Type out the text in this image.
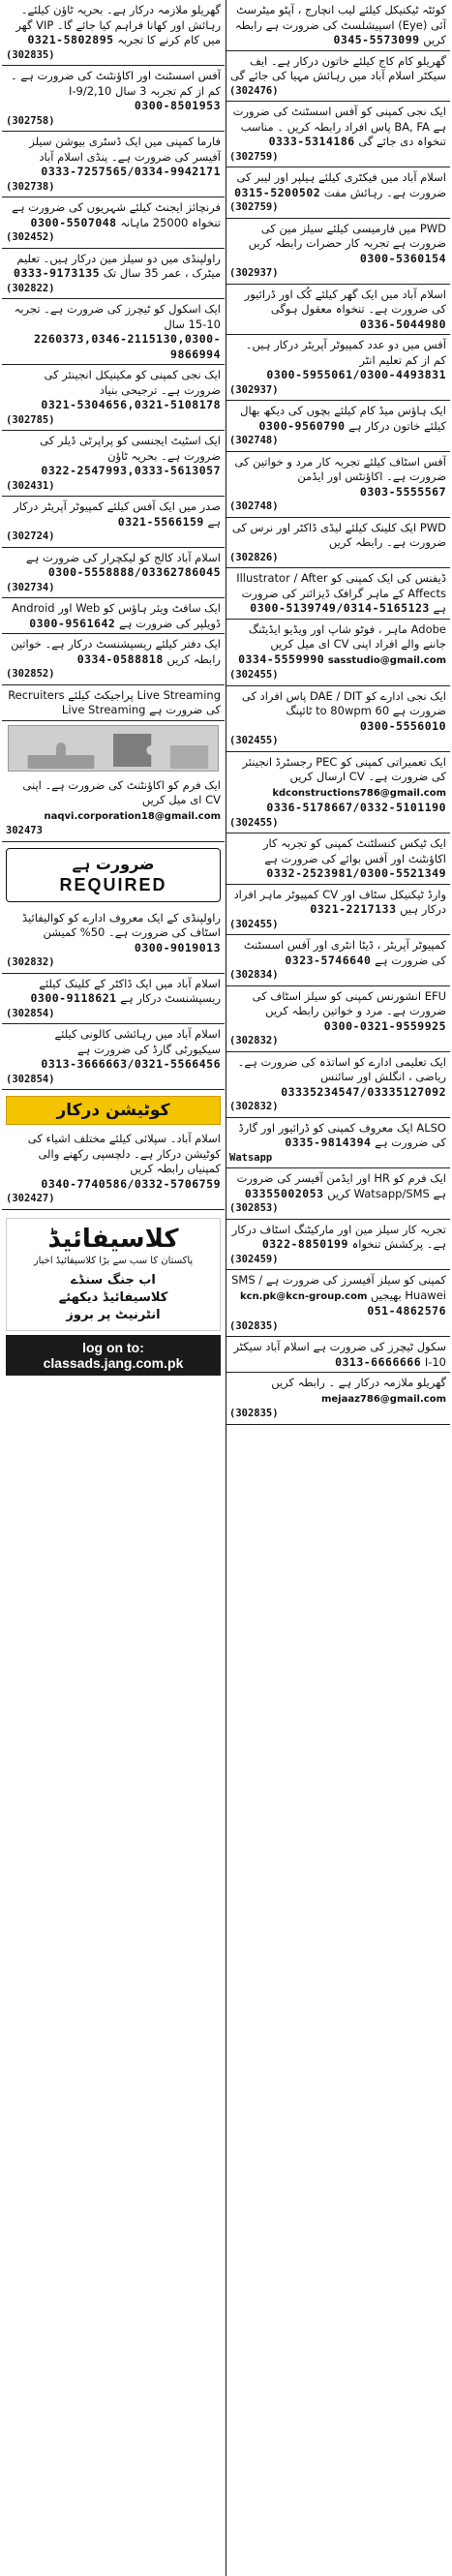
کوئٹہ ٹیکنیکل کیلئے لیب انچارج ، آپٹو میٹرسٹ آئی (Eye) اسپیشلسٹ کی ضرورت ہے رابطہ کریں 0345-5573099
گھریلو کام کاج کیلئے خاتون درکار ہے۔ ایف سیکٹر اسلام آباد میں رہائش مہیا کی جائے گی
(302476)
ایک نجی کمپنی کو آفس اسسٹنٹ کی ضرورت ہے BA, FA پاس افراد رابطہ کریں ۔ مناسب تنخواہ دی جائے گی 0333-5314186
(302759)
اسلام آباد میں فیکٹری کیلئے ہیلپر اور لیبر کی ضرورت ہے۔ رہائش مفت 0315-5200502
(302759)
PWD میں فارمیسی کیلئے سیلز مین کی ضرورت ہے تجربہ کار حضرات رابطہ کریں 0300-5360154
(302937)
اسلام آباد میں ایک گھر کیلئے کُک اور ڈرائیور کی ضرورت ہے۔ تنخواہ معقول ہوگی 0336-5044980
آفس میں دو عدد کمپیوٹر آپریٹر درکار ہیں۔ کم از کم تعلیم انٹر 0300-5955061/0300-4493831
(302937)
ایک ہاؤس میڈ کام کیلئے بچوں کی دیکھ بھال کیلئے خاتون درکار ہے 0300-9560790
(302748)
آفس اسٹاف کیلئے تجربہ کار مرد و خواتین کی ضرورت ہے۔ اکاؤنٹس اور ایڈمن 0303-5555567
(302748)
PWD ایک کلینک کیلئے لیڈی ڈاکٹر اور نرس کی ضرورت ہے۔ رابطہ کریں
(302826)
ڈیفنس کی ایک کمپنی کو Illustrator / After Affects کے ماہر گرافک ڈیزائنر کی ضرورت ہے 0300-5139749/0314-5165123
Adobe ماہر ، فوٹو شاپ اور ویڈیو ایڈیٹنگ جاننے والے افراد اپنی CV ای میل کریں sasstudio@gmail.com 0334-5559990
(302455)
ایک نجی ادارے کو DAE / DIT پاس افراد کی ضرورت ہے 60 to 80wpm ٹائپنگ 0300-5556010
(302455)
ایک تعمیراتی کمپنی کو PEC رجسٹرڈ انجینئر کی ضرورت ہے۔ CV ارسال کریں kdconstructions786@gmail.com 0336-5178667/0332-5101190
(302455)
ایک ٹیکس کنسلٹنٹ کمپنی کو تجربہ کار اکاؤنٹنٹ اور آفس بوائے کی ضرورت ہے 0332-2523981/0300-5521349
وارڈ ٹیکنیکل سٹاف اور CV کمپیوٹر ماہر افراد درکار ہیں 0321-2217133
(302455)
کمپیوٹر آپریٹر ، ڈیٹا انٹری اور آفس اسسٹنٹ کی ضرورت ہے 0323-5746640
(302834)
EFU انشورنس کمپنی کو سیلز اسٹاف کی ضرورت ہے۔ مرد و خواتین رابطہ کریں 0300-0321-9559925
(302832)
ایک تعلیمی ادارے کو اساتذہ کی ضرورت ہے۔ ریاضی ، انگلش اور سائنس 03335234547/03335127092
(302832)
ALSO ایک معروف کمپنی کو ڈرائیور اور گارڈ کی ضرورت ہے 0335-9814394
Watsapp
ایک فرم کو HR اور ایڈمن آفیسر کی ضرورت ہے Watsapp/SMS کریں 03355002053
(302853)
تجربہ کار سیلز مین اور مارکیٹنگ اسٹاف درکار ہے۔ پرکشش تنخواہ 0322-8850199
(302459)
کمپنی کو سیلز آفیسرز کی ضرورت ہے SMS / Huawei بھیجیں kcn.pk@kcn-group.com 051-4862576
(302835)
سکول ٹیچرز کی ضرورت ہے اسلام آباد سیکٹر I-10 0313-6666666
گھریلو ملازمہ درکار ہے ۔ رابطہ کریں mejaaz786@gmail.com
(302835)
گھریلو ملازمہ درکار ہے۔ بحریہ ٹاؤن کیلئے۔ رہائش اور کھانا فراہم کیا جائے گا۔ VIP گھر میں کام کرنے کا تجربہ 0321-5802895
(302835)
آفس اسسٹنٹ اور اکاؤنٹنٹ کی ضرورت ہے ۔ کم از کم تجربہ 3 سال I-9/2,10 0300-8501953
(302758)
فارما کمپنی میں ایک ڈسٹری بیوشن سیلز آفیسر کی ضرورت ہے۔ پنڈی اسلام آباد 0333-7257565/0334-9942171
(302738)
فرنچائز ایجنٹ کیلئے شہریوں کی ضرورت ہے تنخواہ 25000 ماہانہ 0300-5507048
(302452)
راولپنڈی میں دو سیلز مین درکار ہیں۔ تعلیم میٹرک ، عمر 35 سال تک 0333-9173135
(302822)
ایک اسکول کو ٹیچرز کی ضرورت ہے۔ تجربہ 10-15 سال 2260373,0346-2115130,0300-9866994
ایک نجی کمپنی کو مکینیکل انجینئر کی ضرورت ہے۔ ترجیحی بنیاد 0321-5304656,0321-5108178
(302785)
ایک اسٹیٹ ایجنسی کو پراپرٹی ڈیلر کی ضرورت ہے۔ بحریہ ٹاؤن 0322-2547993,0333-5613057
(302431)
صدر میں ایک آفس کیلئے کمپیوٹر آپریٹر درکار ہے 0321-5566159
(302724)
اسلام آباد کالج کو لیکچرار کی ضرورت ہے 0300-5558888/03362786045
(302734)
ایک سافٹ ویئر ہاؤس کو Web اور Android ڈویلپر کی ضرورت ہے 0300-9561642
ایک دفتر کیلئے ریسپشنسٹ درکار ہے۔ خواتین رابطہ کریں 0334-0588818
(302852)
Live Streaming پراجیکٹ کیلئے Recruiters کی ضرورت ہے Live Streaming
ایک فرم کو اکاؤنٹنٹ کی ضرورت ہے۔ اپنی CV ای میل کریں naqvi.corporation18@gmail.com
302473
ضرورت ہے
REQUIRED
راولپنڈی کے ایک معروف ادارے کو کوالیفائیڈ اسٹاف کی ضرورت ہے۔ 50% کمیشن 0300-9019013
(302832)
اسلام آباد میں ایک ڈاکٹر کے کلینک کیلئے ریسپشنسٹ درکار ہے 0300-9118621
(302854)
اسلام آباد میں رہائشی کالونی کیلئے سیکیورٹی گارڈ کی ضرورت ہے 0313-3666663/0321-5566456
(302854)
کوٹیشن درکار
اسلام آباد۔ سپلائی کیلئے مختلف اشیاء کی کوٹیشن درکار ہے۔ دلچسپی رکھنے والی کمپنیاں رابطہ کریں 0340-7740586/0332-5706759
(302427)
کلاسیفائیڈ
پاکستان کا سب سے بڑا کلاسیفائیڈ اخبار
اب جنگ سنڈے
کلاسیفائیڈ دیکھئے
انٹرنیٹ پر بروز
log on to:
classads.jang.com.pk
